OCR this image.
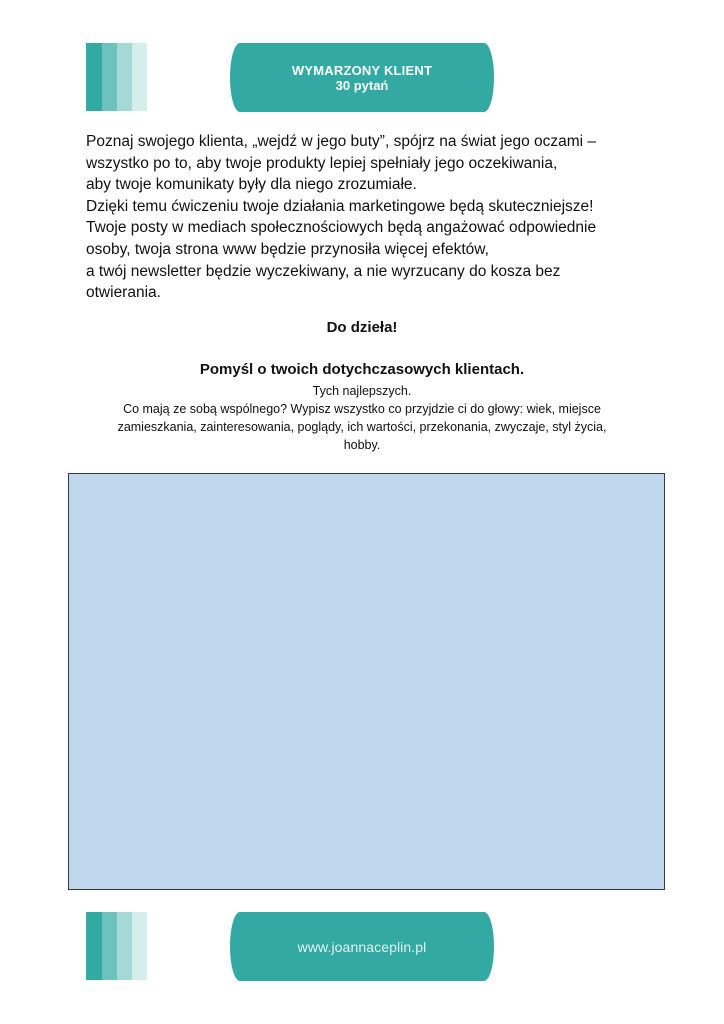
WYMARZONY KLIENT
30 pytań
Poznaj swojego klienta, „wejdź w jego buty”, spójrz na świat jego oczami –
wszystko po to, aby twoje produkty lepiej spełniały jego oczekiwania,
aby twoje komunikaty były dla niego zrozumiałe.
Dzięki temu ćwiczeniu twoje działania marketingowe będą skuteczniejsze!
Twoje posty w mediach społecznościowych będą angażować odpowiednie
osoby, twoja strona www będzie przynosiła więcej efektów,
a twój newsletter będzie wyczekiwany, a nie wyrzucany do kosza bez
otwierania.
Do dzieła!
Pomyśl o twoich dotychczasowych klientach.
Tych najlepszych.
Co mają ze sobą wspólnego? Wypisz wszystko co przyjdzie ci do głowy: wiek, miejsce
zamieszkania, zainteresowania, poglądy, ich wartości, przekonania, zwyczaje, styl życia,
hobby.
www.joannaceplin.pl
